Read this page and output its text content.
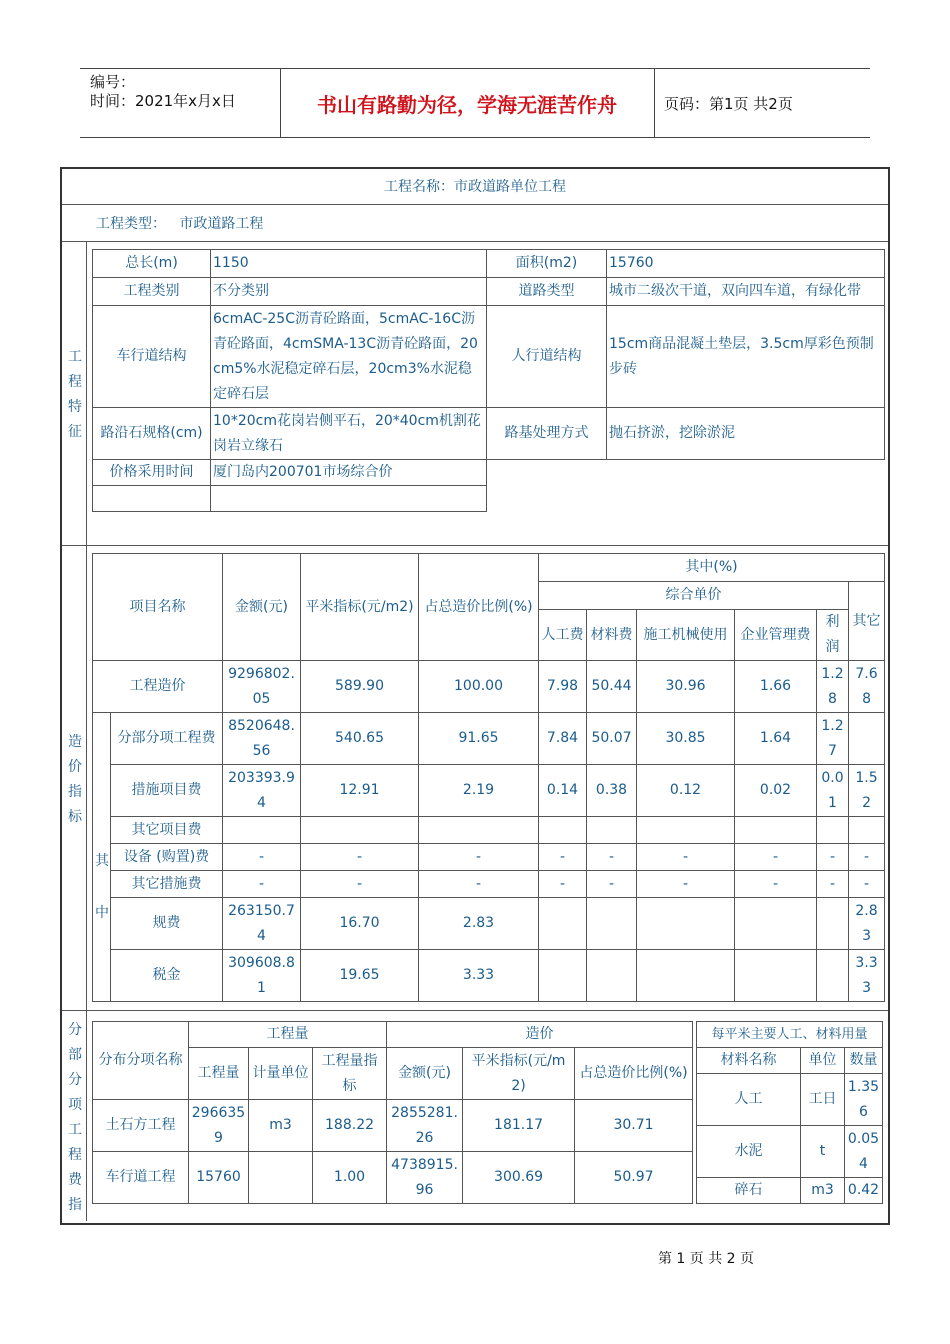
编号：
时间：2021年x月x日	书山有路勤为径，学海无涯苦作舟	页码：第1页 共2页
工程名称：市政道路单位工程
工程类型：   市政道路工程
工程特征
总长(m)	1150	面积(m2)	15760
工程类别	不分类别	道路类型	城市二级次干道，双向四车道，有绿化带
车行道结构	6cmAC-25C沥青砼路面，5cmAC-16C沥青砼路面，4cmSMA-13C沥青砼路面，20cm5%水泥稳定碎石层，20cm3%水泥稳定碎石层	人行道结构	15cm商品混凝土垫层，3.5cm厚彩色预制步砖
路沿石规格(cm)	10*20cm花岗岩侧平石，20*40cm机割花岗岩立缘石	路基处理方式	抛石挤淤，挖除淤泥
价格采用时间	厦门岛内200701市场综合价		

造价指标
项目名称		金额(元)	平米指标(元/m2)	占总造价比例(%)	其中(%)					
					综合单价					其它
					人工费	材料费	施工机械使用	企业管理费	利润	
工程造价		9296802.05	589.90	100.00	7.98	50.44	30.96	1.66	1.28	7.68
其中	分部分项工程费	8520648.56	540.65	91.65	7.84	50.07	30.85	1.64	1.27	
	措施项目费	203393.94	12.91	2.19	0.14	0.38	0.12	0.02	0.01	1.52
	其它项目费									
	设备 (购置)费	-	-	-	-	-	-	-	-	-
	其它措施费	-	-	-	-	-	-	-	-	-
	规费	263150.74	16.70	2.83						2.83
	税金	309608.81	19.65	3.33						3.33
分部分项工程费指
分布分项名称	工程量			造价		
	工程量	计量单位	工程量指标	金额(元)	平米指标(元/m2)	占总造价比例(%)
土石方工程	2966359	m3	188.22	2855281.26	181.17	30.71
车行道工程	15760		1.00	4738915.96	300.69	50.97
每平米主要人工、材料用量		
材料名称	单位	数量
人工	工日	1.356
水泥	t	0.054
碎石	m3	0.42
第 1 页 共 2 页
